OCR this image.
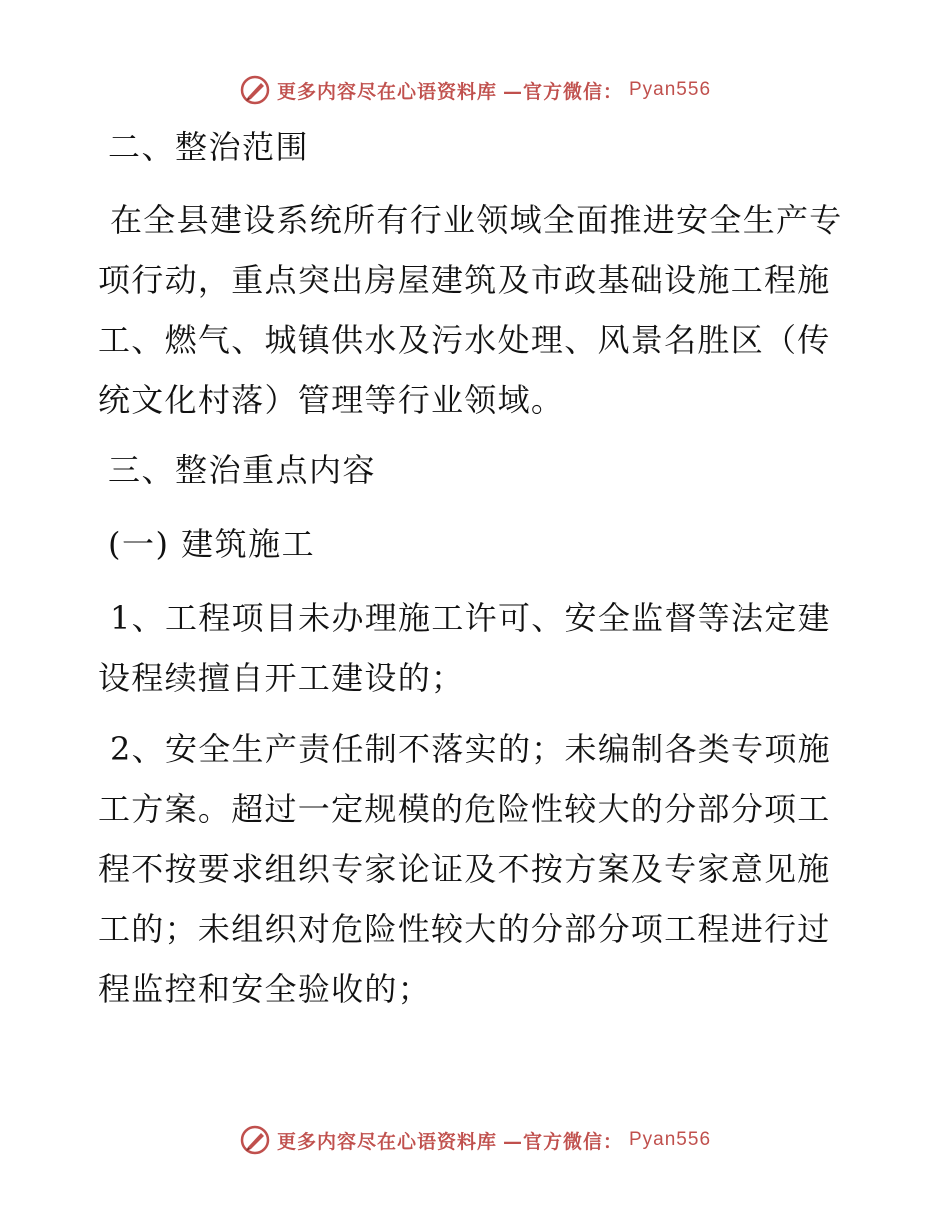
更多内容尽在心语资料库 —官方微信： Pyan556

二、整治范围

在全县建设系统所有行业领域全面推进安全生产专项行动，重点突出房屋建筑及市政基础设施工程施工、燃气、城镇供水及污水处理、风景名胜区（传统文化村落）管理等行业领域。

三、整治重点内容

(一) 建筑施工

1、工程项目未办理施工许可、安全监督等法定建设程续擅自开工建设的；

2、安全生产责任制不落实的；未编制各类专项施工方案。超过一定规模的危险性较大的分部分项工程不按要求组织专家论证及不按方案及专家意见施工的；未组织对危险性较大的分部分项工程进行过程监控和安全验收的；

更多内容尽在心语资料库 —官方微信： Pyan556
